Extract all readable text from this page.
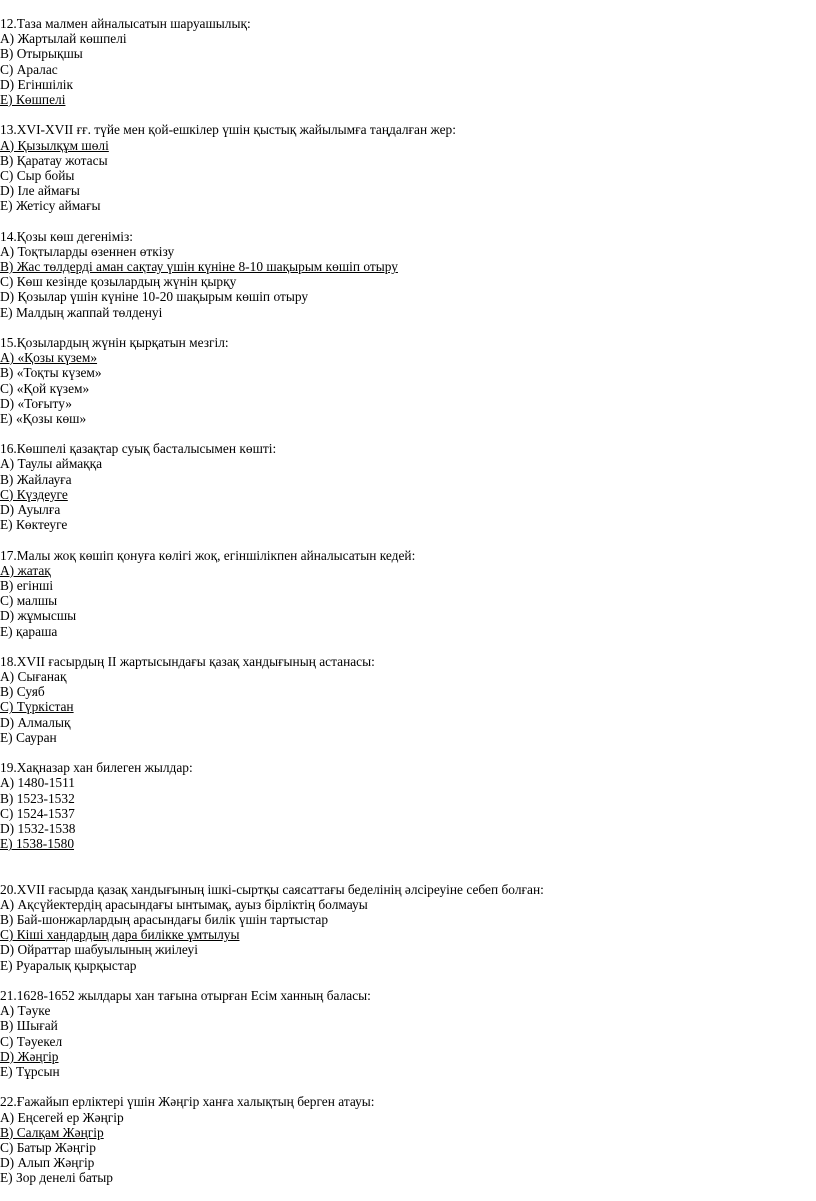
12.Таза малмен айналысатын шаруашылық:
A) Жартылай көшпелі
B) Отырықшы
C) Аралас
D) Егіншілік
E) Көшпелі
13.XVI-XVII ғғ. түйе мен қой-ешкілер үшін қыстық жайылымға таңдалған жер:
A) Қызылқұм шөлі
B) Қаратау жотасы
C) Сыр бойы
D) Іле аймағы
E) Жетісу аймағы
14.Қозы көш дегеніміз:
A) Тоқтыларды өзеннен өткізу
B) Жас төлдерді аман сақтау үшін күніне 8-10 шақырым көшіп отыру
C) Көш кезінде қозылардың жүнін қырқу
D) Қозылар үшін күніне 10-20 шақырым көшіп отыру
E) Малдың жаппай төлденуі
15.Қозылардың жүнін қырқатын мезгіл:
A) «Қозы күзем»
B) «Тоқты күзем»
C) «Қой күзем»
D) «Тоғыту»
E) «Қозы көш»
16.Көшпелі қазақтар суық басталысымен көшті:
A) Таулы аймаққа
B) Жайлауға
C) Күздеуге
D) Ауылға
E) Көктеуге
17.Малы жоқ көшіп қонуға көлігі жоқ, егіншілікпен айналысатын кедей:
A) жатақ
B) егінші
C) малшы
D) жұмысшы
E) қараша
18.XVII ғасырдың ІІ жартысындағы қазақ хандығының астанасы:
A) Сығанақ
B) Суяб
C) Түркістан
D) Алмалық
E) Сауран
19.Хақназар хан билеген жылдар:
A) 1480-1511
B) 1523-1532
C) 1524-1537
D) 1532-1538
E) 1538-1580
20.XVII ғасырда қазақ хандығының ішкі-сыртқы саясаттағы беделінің әлсіреуіне себеп болған:
A) Ақсүйектердің арасындағы ынтымақ, ауыз бірліктің болмауы
B) Бай-шонжарлардың арасындағы билік үшін тартыстар
C) Кіші хандардың дара билікке ұмтылуы
D) Ойраттар шабуылының жиілеуі
E) Руаралық қырқыстар
21.1628-1652 жылдары хан тағына отырған Есім ханның баласы:
A) Тәуке
B) Шығай
C) Тәуекел
D) Жәңгір
E) Тұрсын
22.Ғажайып ерліктері үшін Жәңгір ханға халықтың берген атауы:
A) Еңсегей ер Жәңгір
B) Салқам Жәңгір
C) Батыр Жәңгір
D) Алып Жәңгір
E) Зор денелі батыр
